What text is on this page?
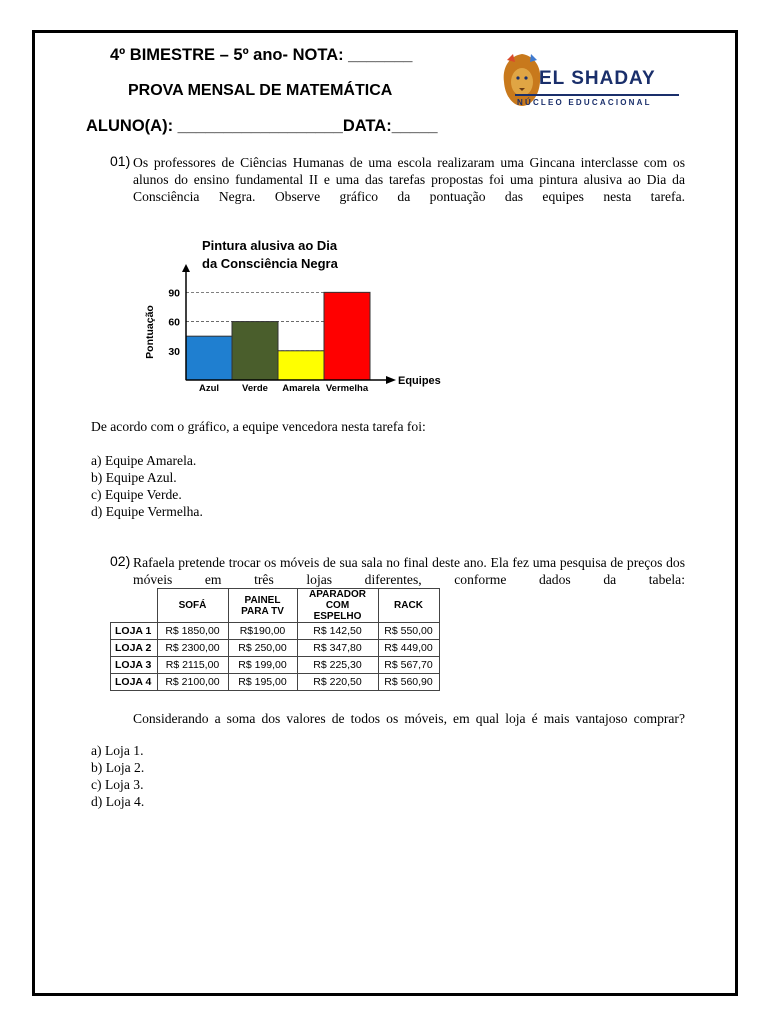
4º BIMESTRE – 5º ano- NOTA: _______
PROVA MENSAL DE MATEMÁTICA
ALUNO(A): __________________DATA:_____
EL SHADAY
NÚCLEO EDUCACIONAL
01) Os professores de Ciências Humanas de uma escola realizaram uma Gincana interclasse com os alunos do ensino fundamental II e uma das tarefas propostas foi uma pintura alusiva ao Dia da Consciência Negra. Observe gráfico da pontuação das equipes nesta tarefa.
Pintura alusiva ao Dia
da Consciência Negra
Pontuação 30
60
90
Azul Verde Amarela Vermelha
Equipes
De acordo com o gráfico, a equipe vencedora nesta tarefa foi:
a) Equipe Amarela.
b) Equipe Azul.
c) Equipe Verde.
d) Equipe Vermelha.
02) Rafaela pretende trocar os móveis de sua sala no final deste ano. Ela fez uma pesquisa de preços dos móveis em três lojas diferentes, conforme dados da tabela:
	SOFÁ	PAINEL PARA TV	APARADOR COM ESPELHO	RACK
LOJA 1	R$ 1850,00	R$190,00	R$ 142,50	R$ 550,00
LOJA 2	R$ 2300,00	R$ 250,00	R$ 347,80	R$ 449,00
LOJA 3	R$ 2115,00	R$ 199,00	R$ 225,30	R$ 567,70
LOJA 4	R$ 2100,00	R$ 195,00	R$ 220,50	R$ 560,90
Considerando a soma dos valores de todos os móveis, em qual loja é mais vantajoso comprar?
a) Loja 1.
b) Loja 2.
c) Loja 3.
d) Loja 4.
